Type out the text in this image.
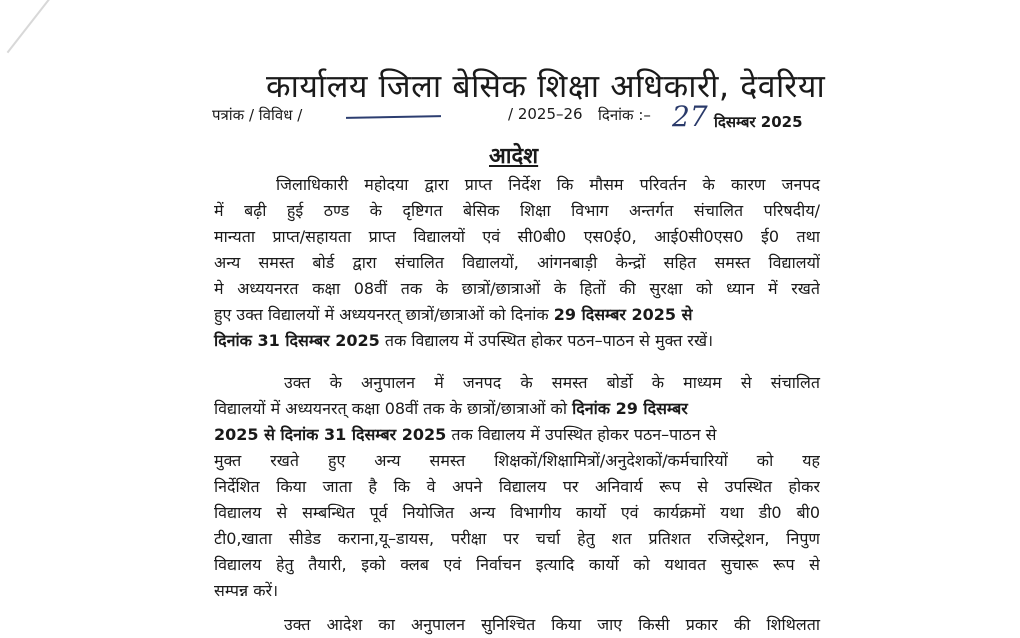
कार्यालय जिला बेसिक शिक्षा अधिकारी, देवरिया
पत्रांक / विविध /	/ 2025–26 दिनांक :– 27 दिसम्बर 2025
आदेश
जिलाधिकारी महोदया द्वारा प्राप्त निर्देश कि मौसम परिवर्तन के कारण जनपद
में बढ़ी हुई ठण्ड के दृष्टिगत बेसिक शिक्षा विभाग अन्तर्गत संचालित परिषदीय/
मान्यता प्राप्त/सहायता प्राप्त विद्यालयों एवं सी0बी0 एस0ई0, आई0सी0एस0 ई0 तथा
अन्य समस्त बोर्ड द्वारा संचालित विद्यालयों, आंगनबाड़ी केन्द्रों सहित समस्त विद्यालयों
मे अध्ययनरत कक्षा 08वीं तक के छात्रों/छात्राओं के हितों की सुरक्षा को ध्यान में रखते
हुए उक्त विद्यालयों में अध्ययनरत् छात्रों/छात्राओं को दिनांक 29 दिसम्बर 2025 से
दिनांक 31 दिसम्बर 2025 तक विद्यालय में उपस्थित होकर पठन–पाठन से मुक्त रखें।
उक्त के अनुपालन में जनपद के समस्त बोर्डो के माध्यम से संचालित
विद्यालयों में अध्ययनरत् कक्षा 08वीं तक के छात्रों/छात्राओं को दिनांक 29 दिसम्बर
2025 से दिनांक 31 दिसम्बर 2025 तक विद्यालय में उपस्थित होकर पठन–पाठन से
मुक्त रखते हुए अन्य समस्त शिक्षकों/शिक्षामित्रों/अनुदेशकों/कर्मचारियों को यह
निर्देशित किया जाता है कि वे अपने विद्यालय पर अनिवार्य रूप से उपस्थित होकर
विद्यालय से सम्बन्धित पूर्व नियोजित अन्य विभागीय कार्यो एवं कार्यक्रमों यथा डी0 बी0
टी0,खाता सीडेड कराना,यू–डायस, परीक्षा पर चर्चा हेतु शत प्रतिशत रजिस्ट्रेशन, निपुण
विद्यालय हेतु तैयारी, इको क्लब एवं निर्वाचन इत्यादि कार्यो को यथावत सुचारू रूप से
सम्पन्न करें।
उक्त आदेश का अनुपालन सुनिश्चित किया जाए किसी प्रकार की शिथिलता
